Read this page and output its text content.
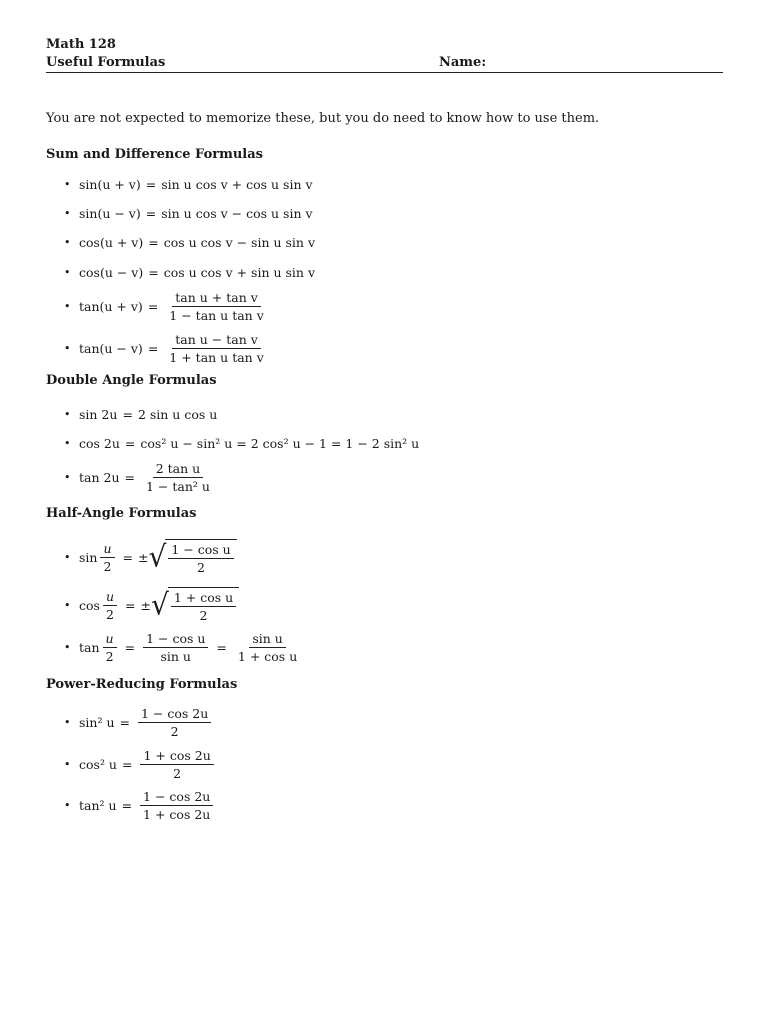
Math 128
Useful Formulas	Name:
You are not expected to memorize these, but you do need to know how to use them.
Sum and Difference Formulas
• sin(u + v) = sin u cos v + cos u sin v
• sin(u − v) = sin u cos v − cos u sin v
• cos(u + v) = cos u cos v − sin u sin v
• cos(u − v) = cos u cos v + sin u sin v
• $\tan(u + v) = \frac{\text{tan u + tan v}}{\text{1 − tan u tan v}}$
• $\tan(u - v) = \frac{\text{tan u − tan v}}{\text{1 + tan u tan v}}$
Double Angle Formulas
• sin 2u = 2 sin u cos u
• cos 2u = cos² u − sin² u = 2 cos² u − 1 = 1 − 2 sin² u
• $\tan 2u = \frac{\text{2 tan u}}{\text{1 − tan² u}}$
Half-Angle Formulas
• $\sin \frac{u}{2}$ = ± √ $\frac{\text{1 − cos u}}{2}$
• $\cos \frac{u}{2}$ = ± √ $\frac{\text{1 + cos u}}{2}$
• $\tan \frac{u}{2} = \frac{\text{1 − cos u}}{\text{sin u}} = \frac{\text{sin u}}{\text{1 + cos u}}$
Power-Reducing Formulas
• sin² $u = \frac{1 - \cos 2u}{2}$
• cos² $u = \frac{1 + \cos 2u}{2}$
• tan² $u = \frac{1 - \cos 2u}{1 + \cos 2u}$
